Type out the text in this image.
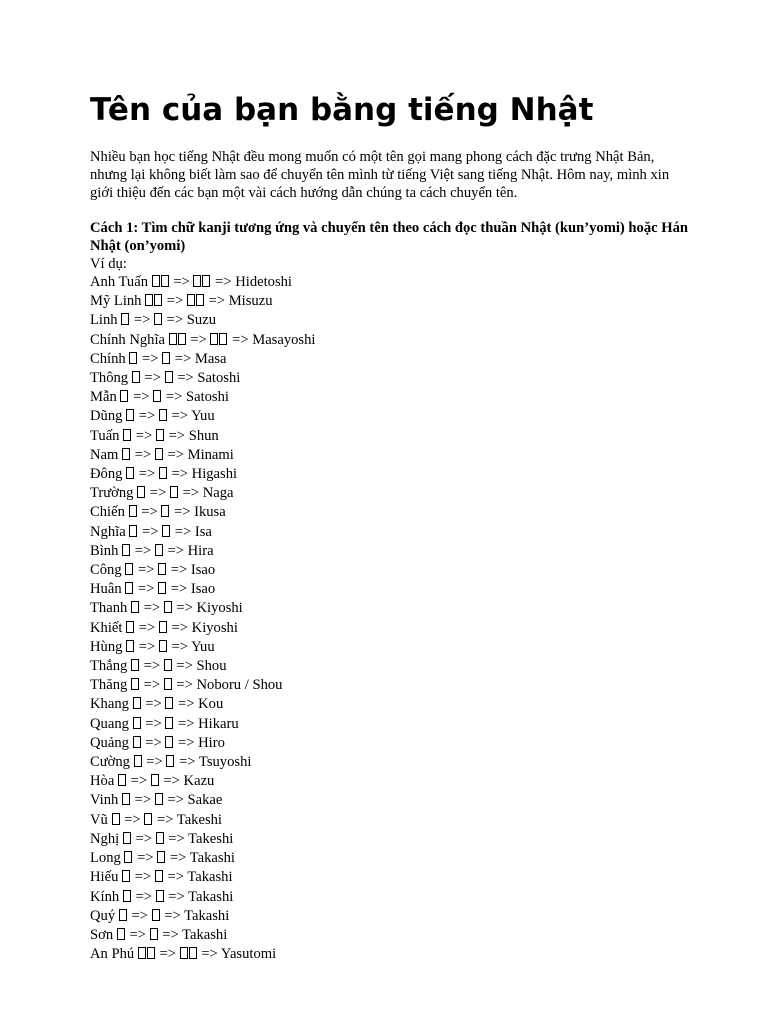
Tên của bạn bằng tiếng Nhật

Nhiều bạn học tiếng Nhật đều mong muốn có một tên gọi mang phong cách đặc trưng Nhật Bản, nhưng lại không biết làm sao để chuyển tên mình từ tiếng Việt sang tiếng Nhật. Hôm nay, mình xin giới thiệu đến các bạn một vài cách hướng dẫn chúng ta cách chuyển tên.

Cách 1: Tìm chữ kanji tương ứng và chuyển tên theo cách đọc thuần Nhật (kun’yomi) hoặc Hán Nhật (on’yomi)

Ví dụ:

Anh Tuấn => => Hidetoshi
Mỹ Linh => => Misuzu
Linh => => Suzu
Chính Nghĩa => => Masayoshi
Chính => => Masa
Thông => => Satoshi
Mẫn => => Satoshi
Dũng => => Yuu
Tuấn => => Shun
Nam => => Minami
Đông => => Higashi
Trường => => Naga
Chiến => => Ikusa
Nghĩa => => Isa
Bình => => Hira
Công => => Isao
Huân => => Isao
Thanh => => Kiyoshi
Khiết => => Kiyoshi
Hùng => => Yuu
Thắng => => Shou
Thăng => => Noboru / Shou
Khang => => Kou
Quang => => Hikaru
Quảng => => Hiro
Cường => => Tsuyoshi
Hòa => => Kazu
Vinh => => Sakae
Vũ => => Takeshi
Nghị => => Takeshi
Long => => Takashi
Hiếu => => Takashi
Kính => => Takashi
Quý => => Takashi
Sơn => => Takashi
An Phú => => Yasutomi
